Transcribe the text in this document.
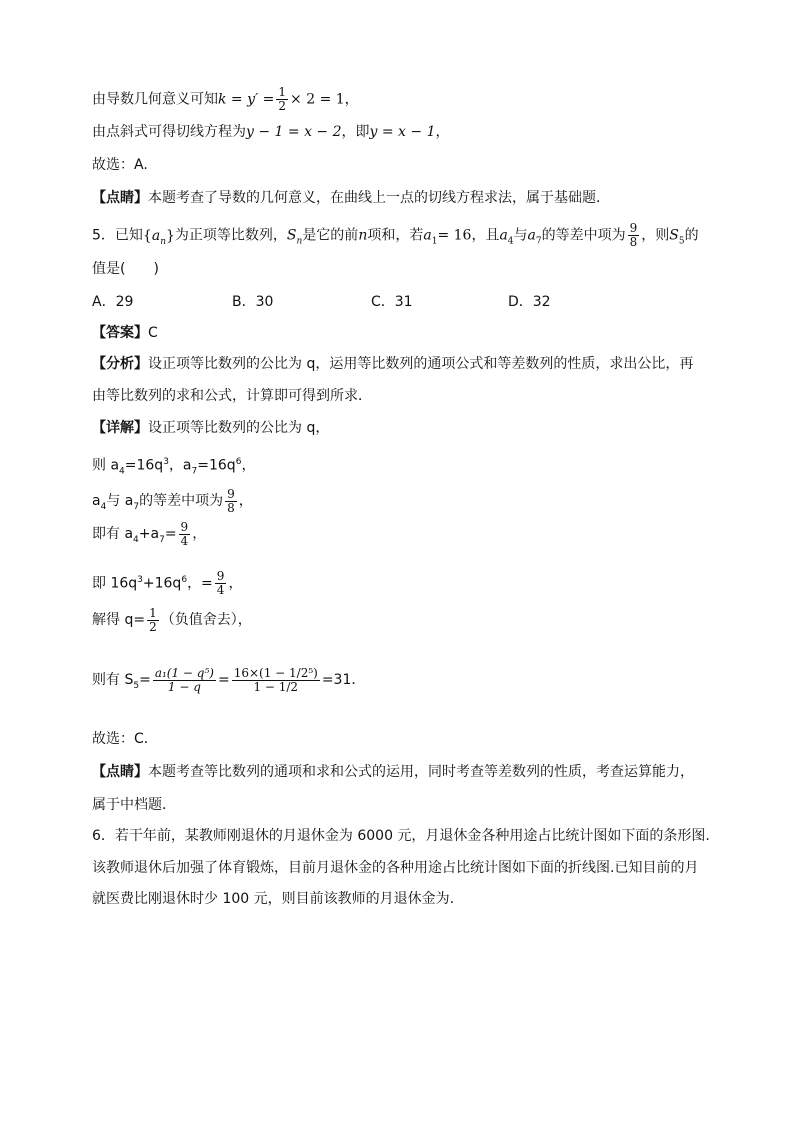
由导数几何意义可知$k = y' = \frac{1}{2} \times 2 = 1$，
由点斜式可得切线方程为y − 1 = x − 2，即y = x − 1，
故选：A.
【点睛】本题考查了导数的几何意义，在曲线上一点的切线方程求法，属于基础题.
5．已知$\{a_n\}$为正项等比数列，$S_n$是它的前n项和，若$a_1= 16$，且$a_4$与$a_7$的等差中项为 $\frac{9}{8}$ ，则$S_5$的
值是(　　)
A．29	B．30	C．31	D．32
【答案】C
【分析】设正项等比数列的公比为 q，运用等比数列的通项公式和等差数列的性质，求出公比，再
由等比数列的求和公式，计算即可得到所求．
【详解】设正项等比数列的公比为 q，
则 $a_4=16q^3$，$a_7=16q^6$，
$a_4$与 $a_7$的等差中项为 $\frac{9}{8}$ ，
即有 $a_4+a_7= \frac{9}{4}$ ，
即 $16q^3+16q^6$，= $\frac{9}{4}$ ，
解得 $q= \frac{1}{2}$ （负值舍去），
则有 $S_5= \frac{\text{a₁(1 − q⁵)}}{1 - q} = \frac{\text{16×(1 − 1/2⁵)}}{1 - 1/2} =31$．
故选：C．
【点睛】本题考查等比数列的通项和求和公式的运用，同时考查等差数列的性质，考查运算能力，
属于中档题．
6．若干年前，某教师刚退休的月退休金为 6000 元，月退休金各种用途占比统计图如下面的条形图.
该教师退休后加强了体育锻炼，目前月退休金的各种用途占比统计图如下面的折线图.已知目前的月
就医费比刚退休时少 100 元，则目前该教师的月退休金为.
